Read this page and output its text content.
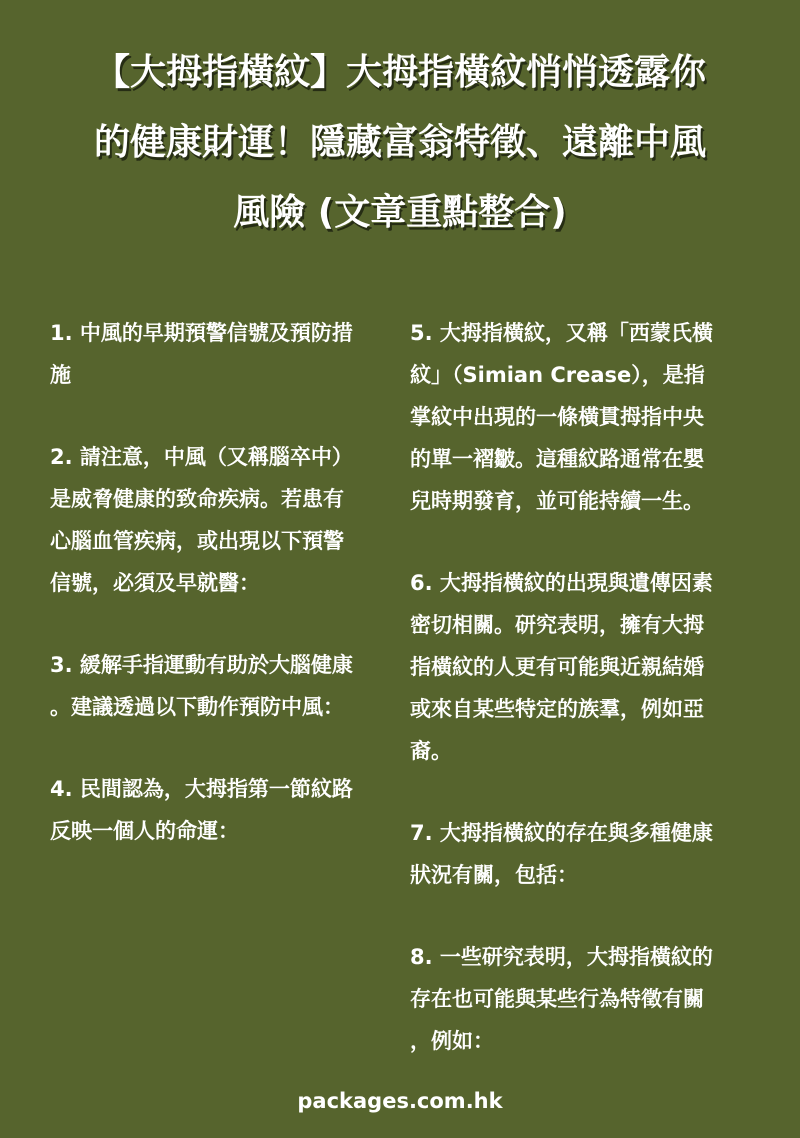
【大拇指橫紋】大拇指橫紋悄悄透露你
的健康財運！隱藏富翁特徵、遠離中風
風險 (文章重點整合)
1. 中風的早期預警信號及預防措
施
2. 請注意，中風（又稱腦卒中）
是威脅健康的致命疾病。若患有
心腦血管疾病，或出現以下預警
信號，必須及早就醫：
3. 緩解手指運動有助於大腦健康
。建議透過以下動作預防中風：
4. 民間認為，大拇指第一節紋路
反映一個人的命運：
5. 大拇指橫紋，又稱「西蒙氏橫
紋」（Simian Crease），是指
掌紋中出現的一條橫貫拇指中央
的單一褶皺。這種紋路通常在嬰
兒時期發育，並可能持續一生。
6. 大拇指橫紋的出現與遺傳因素
密切相關。研究表明，擁有大拇
指橫紋的人更有可能與近親結婚
或來自某些特定的族羣，例如亞
裔。
7. 大拇指橫紋的存在與多種健康
狀況有關，包括：
8. 一些研究表明，大拇指橫紋的
存在也可能與某些行為特徵有關
，例如：
packages.com.hk
